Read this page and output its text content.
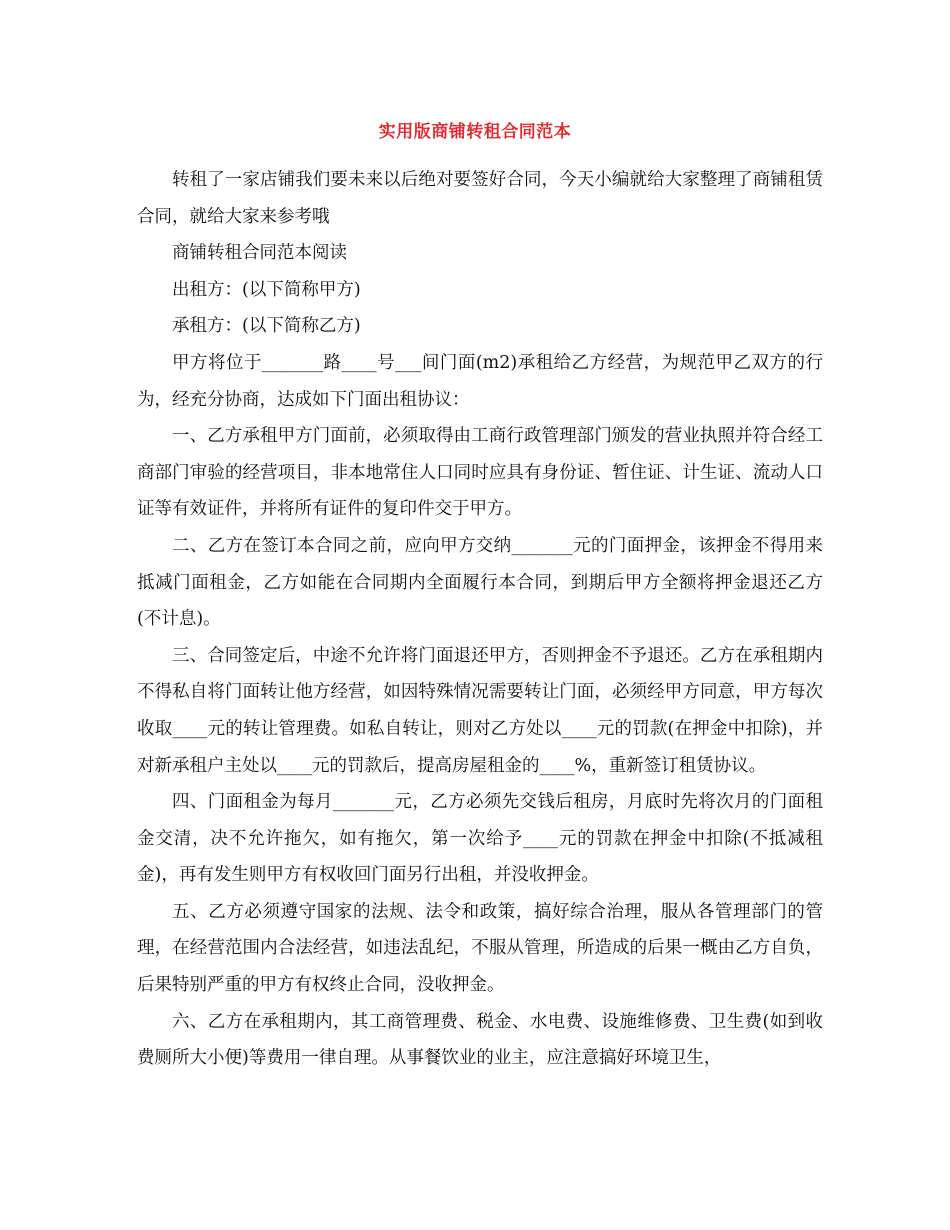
实用版商铺转租合同范本

转租了一家店铺我们要未来以后绝对要签好合同，今天小编就给大家整理了商铺租赁合同，就给大家来参考哦

商铺转租合同范本阅读

出租方：(以下简称甲方)

承租方：(以下简称乙方)

甲方将位于_______路____号___间门面(m2)承租给乙方经营，为规范甲乙双方的行为，经充分协商，达成如下门面出租协议：

一、乙方承租甲方门面前，必须取得由工商行政管理部门颁发的营业执照并符合经工商部门审验的经营项目，非本地常住人口同时应具有身份证、暂住证、计生证、流动人口证等有效证件，并将所有证件的复印件交于甲方。

二、乙方在签订本合同之前，应向甲方交纳_______元的门面押金，该押金不得用来抵减门面租金，乙方如能在合同期内全面履行本合同，到期后甲方全额将押金退还乙方(不计息)。

三、合同签定后，中途不允许将门面退还甲方，否则押金不予退还。乙方在承租期内不得私自将门面转让他方经营，如因特殊情况需要转让门面，必须经甲方同意，甲方每次收取____元的转让管理费。如私自转让，则对乙方处以____元的罚款(在押金中扣除)，并对新承租户主处以____元的罚款后，提高房屋租金的____%，重新签订租赁协议。

四、门面租金为每月_______元，乙方必须先交钱后租房，月底时先将次月的门面租金交清，决不允许拖欠，如有拖欠，第一次给予____元的罚款在押金中扣除(不抵减租金)，再有发生则甲方有权收回门面另行出租，并没收押金。

五、乙方必须遵守国家的法规、法令和政策，搞好综合治理，服从各管理部门的管理，在经营范围内合法经营，如违法乱纪，不服从管理，所造成的后果一概由乙方自负，后果特别严重的甲方有权终止合同，没收押金。

六、乙方在承租期内，其工商管理费、税金、水电费、设施维修费、卫生费(如到收费厕所大小便)等费用一律自理。从事餐饮业的业主，应注意搞好环境卫生，
